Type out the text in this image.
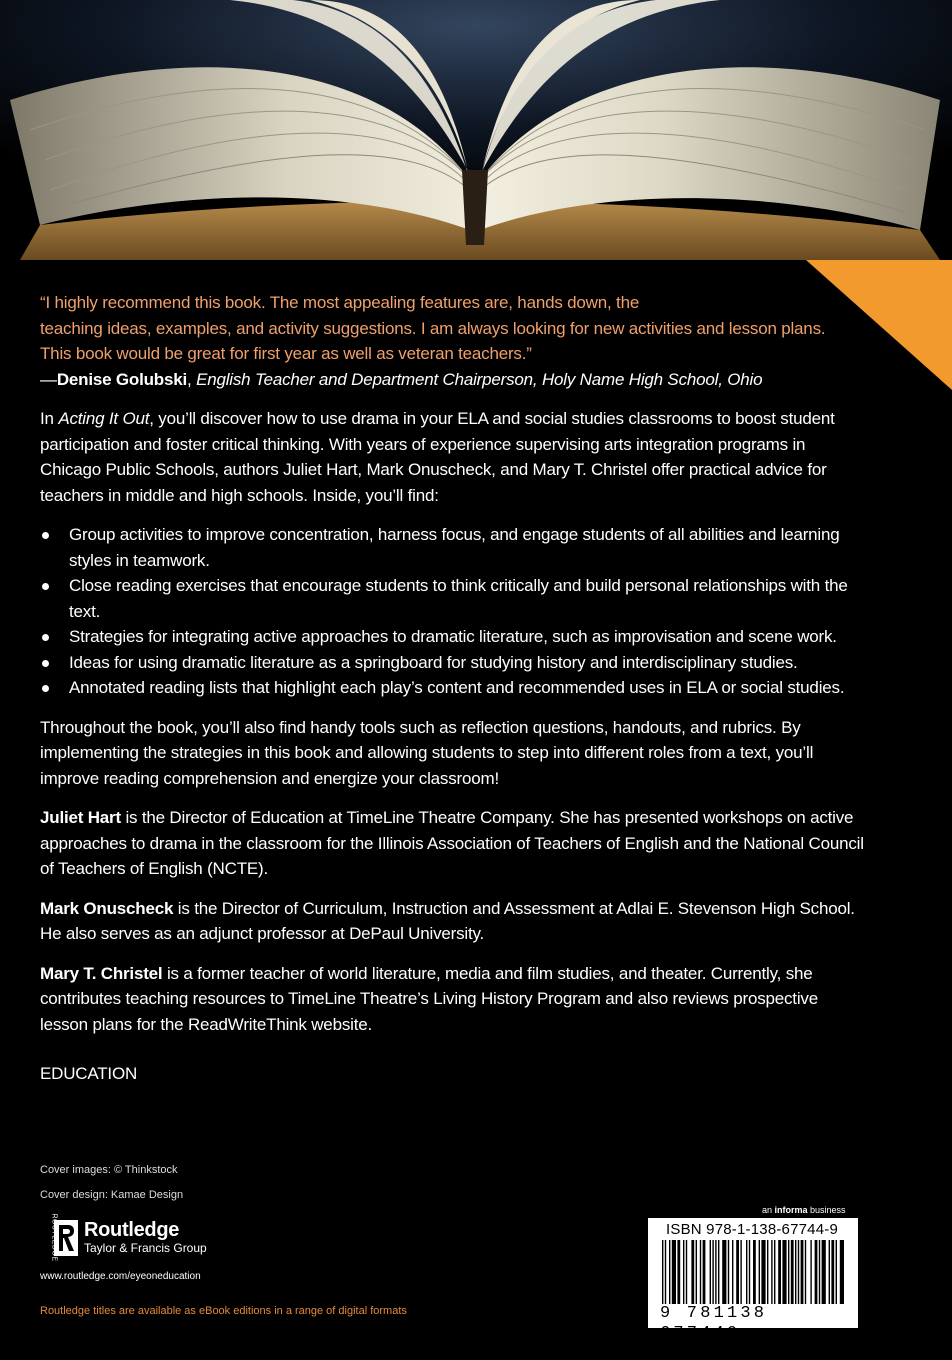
“I highly recommend this book. The most appealing features are, hands down, the
teaching ideas, examples, and activity suggestions. I am always looking for new activities and lesson plans.
This book would be great for first year as well as veteran teachers.”
—Denise Golubski, English Teacher and Department Chairperson, Holy Name High School, Ohio

In Acting It Out, you’ll discover how to use drama in your ELA and social studies classrooms to boost student participation and foster critical thinking. With years of experience supervising arts integration programs in Chicago Public Schools, authors Juliet Hart, Mark Onuscheck, and Mary T. Christel offer practical advice for teachers in middle and high schools. Inside, you’ll find:

Group activities to improve concentration, harness focus, and engage students of all abilities and learning styles in teamwork.
Close reading exercises that encourage students to think critically and build personal relationships with the text.
Strategies for integrating active approaches to dramatic literature, such as improvisation and scene work.
Ideas for using dramatic literature as a springboard for studying history and interdisciplinary studies.
Annotated reading lists that highlight each play’s content and recommended uses in ELA or social studies.

Throughout the book, you’ll also find handy tools such as reflection questions, handouts, and rubrics. By implementing the strategies in this book and allowing students to step into different roles from a text, you’ll improve reading comprehension and energize your classroom!

Juliet Hart is the Director of Education at TimeLine Theatre Company. She has presented workshops on active approaches to drama in the classroom for the Illinois Association of Teachers of English and the National Council of Teachers of English (NCTE).

Mark Onuscheck is the Director of Curriculum, Instruction and Assessment at Adlai E. Stevenson High School. He also serves as an adjunct professor at DePaul University.

Mary T. Christel is a former teacher of world literature, media and film studies, and theater. Currently, she contributes teaching resources to TimeLine Theatre’s Living History Program and also reviews prospective lesson plans for the ReadWriteThink website.

EDUCATION
Cover images: © Thinkstock
Cover design: Kamae Design
ROUTLEDGE Routledge
Taylor & Francis Group
www.routledge.com/eyeoneducation
Routledge titles are available as eBook editions in a range of digital formats
an informa business
ISBN 978-1-138-67744-9
9 781138 677449
